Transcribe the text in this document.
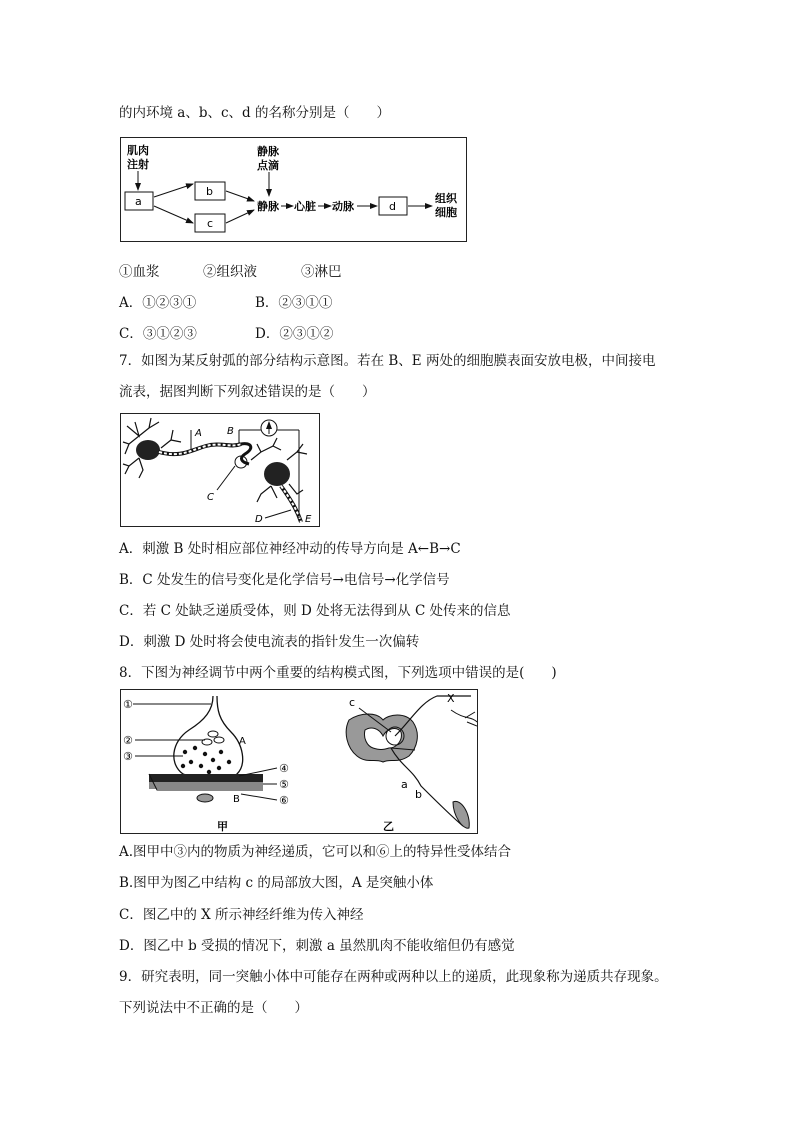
的内环境 a、b、c、d 的名称分别是（　　）
肌肉
注射
a
b
c
静脉
点滴
静脉 心脏 动脉	d
组织
细胞
①血浆	②组织液	③淋巴
A．①②③①	B．②③①①
C．③①②③	D．②③①②
7．如图为某反射弧的部分结构示意图。若在 B、E 两处的细胞膜表面安放电极，中间接电
流表，据图判断下列叙述错误的是（　　）
A	B
C
D	E
A．刺激 B 处时相应部位神经冲动的传导方向是 A←B→C
B．C 处发生的信号变化是化学信号→电信号→化学信号
C．若 C 处缺乏递质受体，则 D 处将无法得到从 C 处传来的信息
D．刺激 D 处时将会使电流表的指针发生一次偏转
8．下图为神经调节中两个重要的结构模式图，下列选项中错误的是(　　)
①
②
③
A
④
⑤
⑥
B
甲
c	X
a
b
乙
A.图甲中③内的物质为神经递质，它可以和⑥上的特异性受体结合
B.图甲为图乙中结构 c 的局部放大图，A 是突触小体
C．图乙中的 X 所示神经纤维为传入神经
D．图乙中 b 受损的情况下，刺激 a 虽然肌肉不能收缩但仍有感觉
9．研究表明，同一突触小体中可能存在两种或两种以上的递质，此现象称为递质共存现象。
下列说法中不正确的是（　　）
